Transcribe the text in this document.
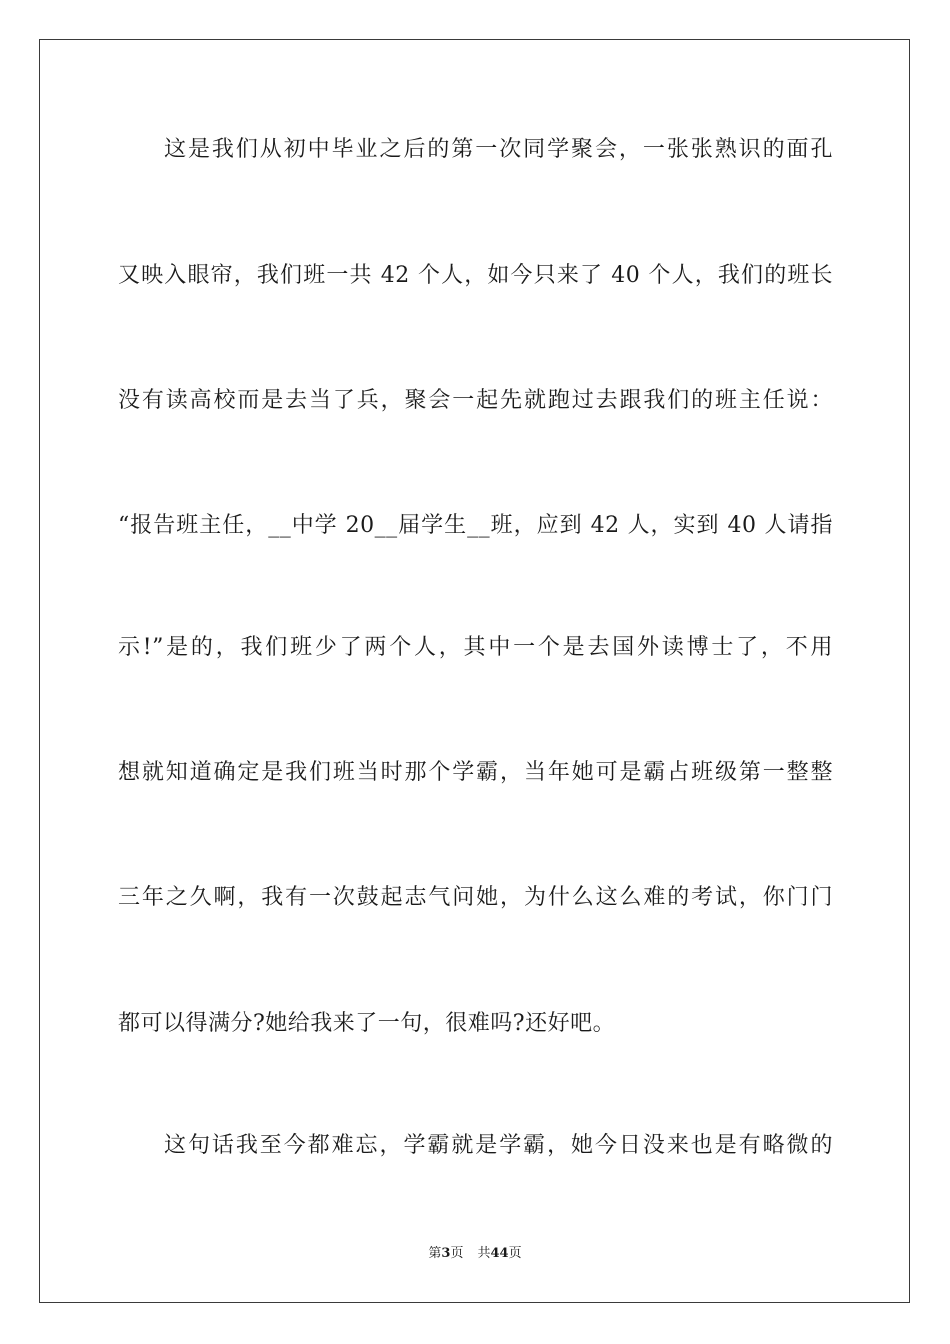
这是我们从初中毕业之后的第一次同学聚会，一张张熟识的面孔
又映入眼帘，我们班一共 42 个人，如今只来了 40 个人，我们的班长
没有读高校而是去当了兵，聚会一起先就跑过去跟我们的班主任说：
“报告班主任，__中学 20__届学生__班，应到 42 人，实到 40 人请指
示!”是的，我们班少了两个人，其中一个是去国外读博士了，不用
想就知道确定是我们班当时那个学霸，当年她可是霸占班级第一整整
三年之久啊，我有一次鼓起志气问她，为什么这么难的考试，你门门
都可以得满分?她给我来了一句，很难吗?还好吧。
这句话我至今都难忘，学霸就是学霸，她今日没来也是有略微的
第3页 共44页
